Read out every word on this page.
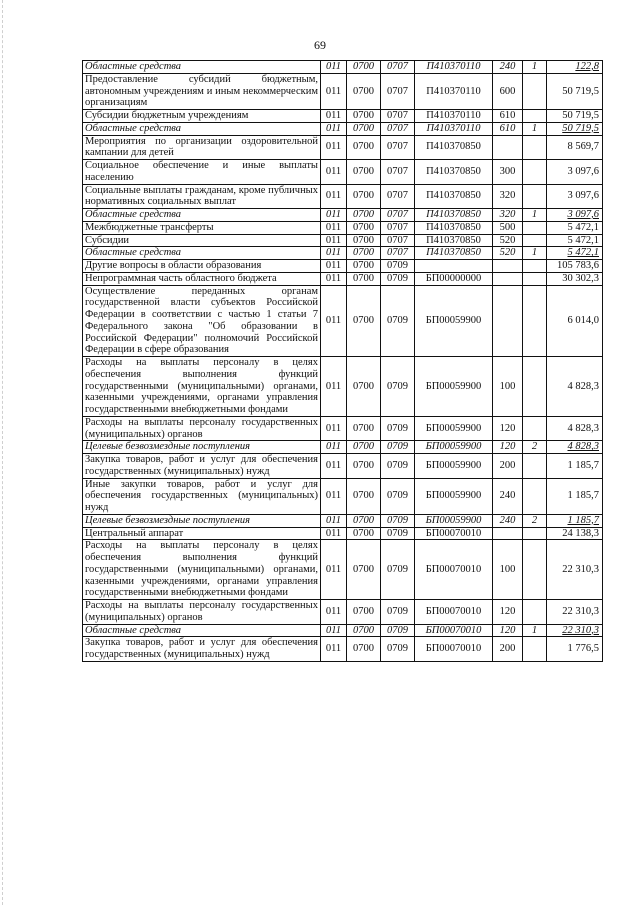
69
Областные средства	011	0700	0707	П410370110	240	1	122,8
Предоставление субсидий бюджетным, автономным учреждениям и иным некоммерческим организациям	011	0700	0707	П410370110	600		50 719,5
Субсидии бюджетным учреждениям	011	0700	0707	П410370110	610		50 719,5
Областные средства	011	0700	0707	П410370110	610	1	50 719,5
Мероприятия по организации оздоровительной кампании для детей	011	0700	0707	П410370850			8 569,7
Социальное обеспечение и иные выплаты населению	011	0700	0707	П410370850	300		3 097,6
Социальные выплаты гражданам, кроме публичных нормативных социальных выплат	011	0700	0707	П410370850	320		3 097,6
Областные средства	011	0700	0707	П410370850	320	1	3 097,6
Межбюджетные трансферты	011	0700	0707	П410370850	500		5 472,1
Субсидии	011	0700	0707	П410370850	520		5 472,1
Областные средства	011	0700	0707	П410370850	520	1	5 472,1
Другие вопросы в области образования	011	0700	0709				105 783,6
Непрограммная часть областного бюджета	011	0700	0709	БП00000000			30 302,3
Осуществление переданных органам государственной власти субъектов Российской Федерации в соответствии с частью 1 статьи 7 Федерального закона "Об образовании в Российской Федерации" полномочий Российской Федерации в сфере образования	011	0700	0709	БП00059900			6 014,0
Расходы на выплаты персоналу в целях обеспечения выполнения функций государственными (муниципальными) органами, казенными учреждениями, органами управления государственными внебюджетными фондами	011	0700	0709	БП00059900	100		4 828,3
Расходы на выплаты персоналу государственных (муниципальных) органов	011	0700	0709	БП00059900	120		4 828,3
Целевые безвозмездные поступления	011	0700	0709	БП00059900	120	2	4 828,3
Закупка товаров, работ и услуг для обеспечения государственных (муниципальных) нужд	011	0700	0709	БП00059900	200		1 185,7
Иные закупки товаров, работ и услуг для обеспечения государственных (муниципальных) нужд	011	0700	0709	БП00059900	240		1 185,7
Целевые безвозмездные поступления	011	0700	0709	БП00059900	240	2	1 185,7
Центральный аппарат	011	0700	0709	БП00070010			24 138,3
Расходы на выплаты персоналу в целях обеспечения выполнения функций государственными (муниципальными) органами, казенными учреждениями, органами управления государственными внебюджетными фондами	011	0700	0709	БП00070010	100		22 310,3
Расходы на выплаты персоналу государственных (муниципальных) органов	011	0700	0709	БП00070010	120		22 310,3
Областные средства	011	0700	0709	БП00070010	120	1	22 310,3
Закупка товаров, работ и услуг для обеспечения государственных (муниципальных) нужд	011	0700	0709	БП00070010	200		1 776,5
